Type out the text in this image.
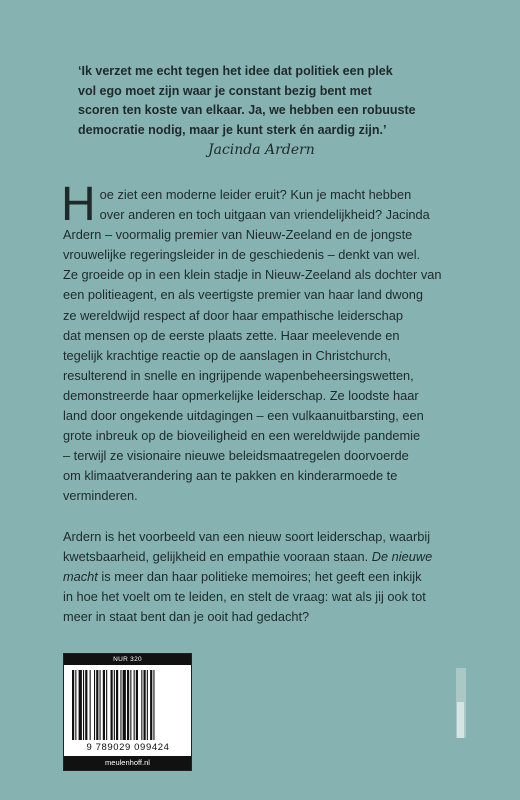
‘Ik verzet me echt tegen het idee dat politiek een plek

vol ego moet zijn waar je constant bezig bent met

scoren ten koste van elkaar. Ja, we hebben een robuuste

democratie nodig, maar je kunt sterk én aardig zijn.’

Jacinda Ardern

H oe ziet een moderne leider eruit? Kun je macht hebben
over anderen en toch uitgaan van vriendelijkheid? Jacinda
Ardern – voormalig premier van Nieuw-Zeeland en de jongste
vrouwelijke regeringsleider in de geschiedenis – denkt van wel.
Ze groeide op in een klein stadje in Nieuw-Zeeland als dochter van
een politieagent, en als veertigste premier van haar land dwong
ze wereldwijd respect af door haar empathische leiderschap
dat mensen op de eerste plaats zette. Haar meelevende en
tegelijk krachtige reactie op de aanslagen in Christchurch,
resulterend in snelle en ingrijpende wapenbeheersingswetten,
demonstreerde haar opmerkelijke leiderschap. Ze loodste haar
land door ongekende uitdagingen – een vulkaanuitbarsting, een
grote inbreuk op de bioveiligheid en een wereldwijde pandemie
– terwijl ze visionaire nieuwe beleidsmaatregelen doorvoerde
om klimaatverandering aan te pakken en kinderarmoede te
verminderen.

Ardern is het voorbeeld van een nieuw soort leiderschap, waarbij
kwetsbaarheid, gelijkheid en empathie vooraan staan. De nieuwe
macht is meer dan haar politieke memoires; het geeft een inkijk
in hoe het voelt om te leiden, en stelt de vraag: wat als jij ook tot
meer in staat bent dan je ooit had gedacht?

NUR 320
9 789029 099424
meulenhoff.nl
